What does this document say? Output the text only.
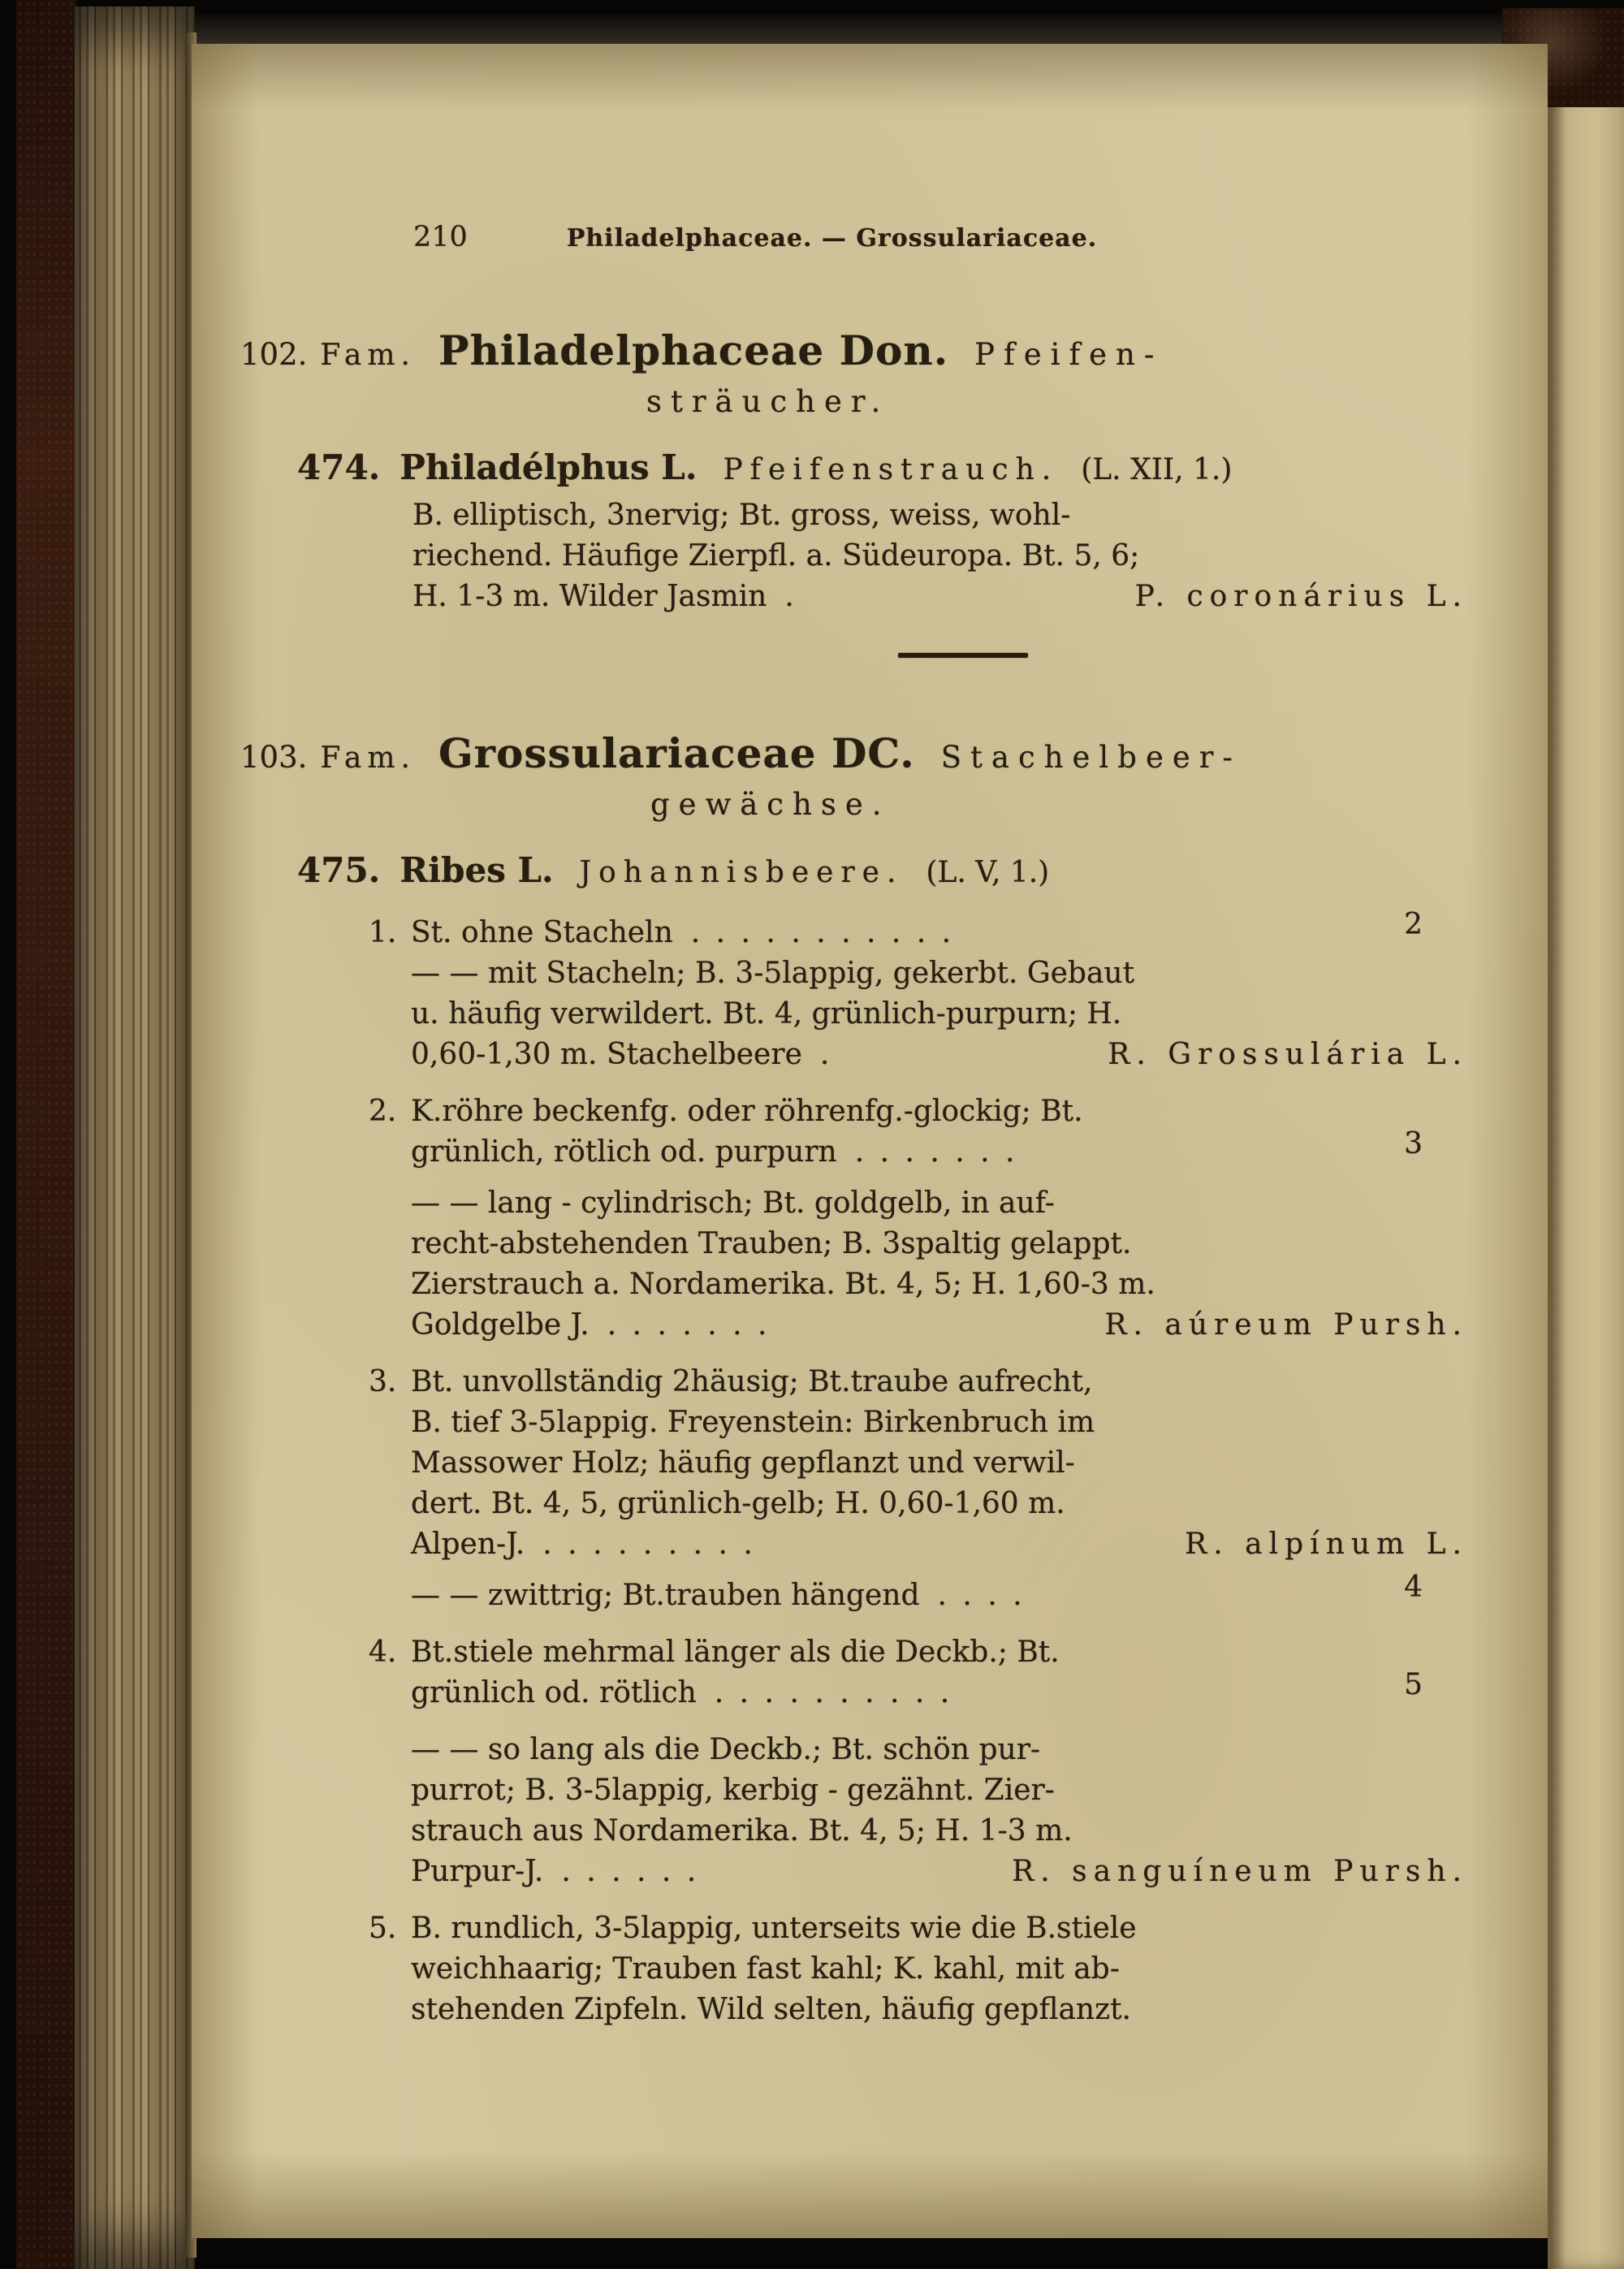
210	Philadelphaceae. — Grossulariaceae.
102. Fam. Philadelphaceae Don. Pfeifen-
sträucher.
474. Philadélphus L. Pfeifenstrauch. (L. XII, 1.)
B. elliptisch, 3nervig; Bt. gross, weiss, wohl-
riechend. Häufige Zierpfl. a. Südeuropa. Bt. 5, 6;
H. 1-3 m. Wilder Jasmin .	P. coronárius L.
103. Fam. Grossulariaceae DC. Stachelbeer-
gewächse.
475. Ribes L. Johannisbeere. (L. V, 1.)
1. St. ohne Stacheln . . . . . . . . . . .	2
— — mit Stacheln; B. 3-5lappig, gekerbt. Gebaut
u. häufig verwildert. Bt. 4, grünlich-purpurn; H.
0,60-1,30 m. Stachelbeere .	R. Grossulária L.
2. K.röhre beckenfg. oder röhrenfg.-glockig; Bt.
grünlich, rötlich od. purpurn . . . . . . .	3
— — lang - cylindrisch; Bt. goldgelb, in auf-
recht-abstehenden Trauben; B. 3spaltig gelappt.
Zierstrauch a. Nordamerika. Bt. 4, 5; H. 1,60-3 m.
Goldgelbe J. . . . . . . .	R. aúreum Pursh.
3. Bt. unvollständig 2häusig; Bt.traube aufrecht,
B. tief 3-5lappig. Freyenstein: Birkenbruch im
Massower Holz; häufig gepflanzt und verwil-
dert. Bt. 4, 5, grünlich-gelb; H. 0,60-1,60 m.
Alpen-J. . . . . . . . . .	R. alpínum L.
— — zwittrig; Bt.trauben hängend . . . .	4
4. Bt.stiele mehrmal länger als die Deckb.; Bt.
grünlich od. rötlich . . . . . . . . . .	5
— — so lang als die Deckb.; Bt. schön pur-
purrot; B. 3-5lappig, kerbig - gezähnt. Zier-
strauch aus Nordamerika. Bt. 4, 5; H. 1-3 m.
Purpur-J. . . . . . .	R. sanguíneum Pursh.
5. B. rundlich, 3-5lappig, unterseits wie die B.stiele
weichhaarig; Trauben fast kahl; K. kahl, mit ab-
stehenden Zipfeln. Wild selten, häufig gepflanzt.
